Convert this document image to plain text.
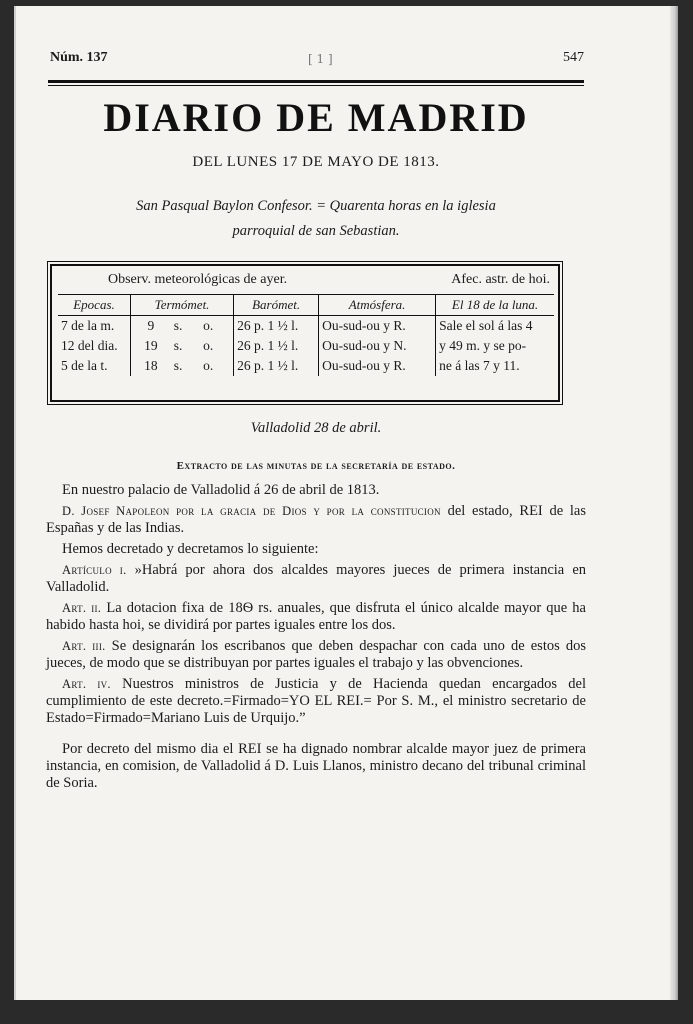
Núm. 137	[ 1 ]	547
DIARIO DE MADRID
DEL LUNES 17 DE MAYO DE 1813.
San Pasqual Baylon Confesor. = Quarenta horas en la iglesia
parroquial de san Sebastian.
Observ. meteorológicas de ayer.	Afec. astr. de hoi.
Epocas.	Termómet.			Barómet.	Atmósfera.	El 18 de la luna.
7 de la m.	9	s.	o.	26 p. 1 ½ l.	Ou-sud-ou y R.	Sale el sol á las 4
12 del dia.	19	s.	o.	26 p. 1 ½ l.	Ou-sud-ou y N.	y 49 m. y se po-
5 de la t.	18	s.	o.	26 p. 1 ½ l.	Ou-sud-ou y R.	ne á las 7 y 11.
Valladolid 28 de abril.
Extracto de las minutas de la secretaría de estado.

En nuestro palacio de Valladolid á 26 de abril de 1813.

D. Josef Napoleon por la gracia de Dios y por la constitucion del estado, REI de las Españas y de las Indias.

Hemos decretado y decretamos lo siguiente:

Artículo i. »Habrá por ahora dos alcaldes mayores jueces de primera instancia en Valladolid.

Art. ii. La dotacion fixa de 18Ѳ rs. anuales, que disfruta el único alcalde mayor que ha habido hasta hoi, se dividirá por partes iguales entre los dos.

Art. iii. Se designarán los escribanos que deben despachar con cada uno de estos dos jueces, de modo que se distribuyan por partes iguales el trabajo y las obvenciones.

Art. iv. Nuestros ministros de Justicia y de Hacienda quedan encargados del cumplimiento de este decreto.=Firmado=YO EL REI.= Por S. M., el ministro secretario de Estado=Firmado=Mariano Luis de Urquijo.”

Por decreto del mismo dia el REI se ha dignado nombrar alcalde mayor juez de primera instancia, en comision, de Valladolid á D. Luis Llanos, ministro decano del tribunal criminal de Soria.
